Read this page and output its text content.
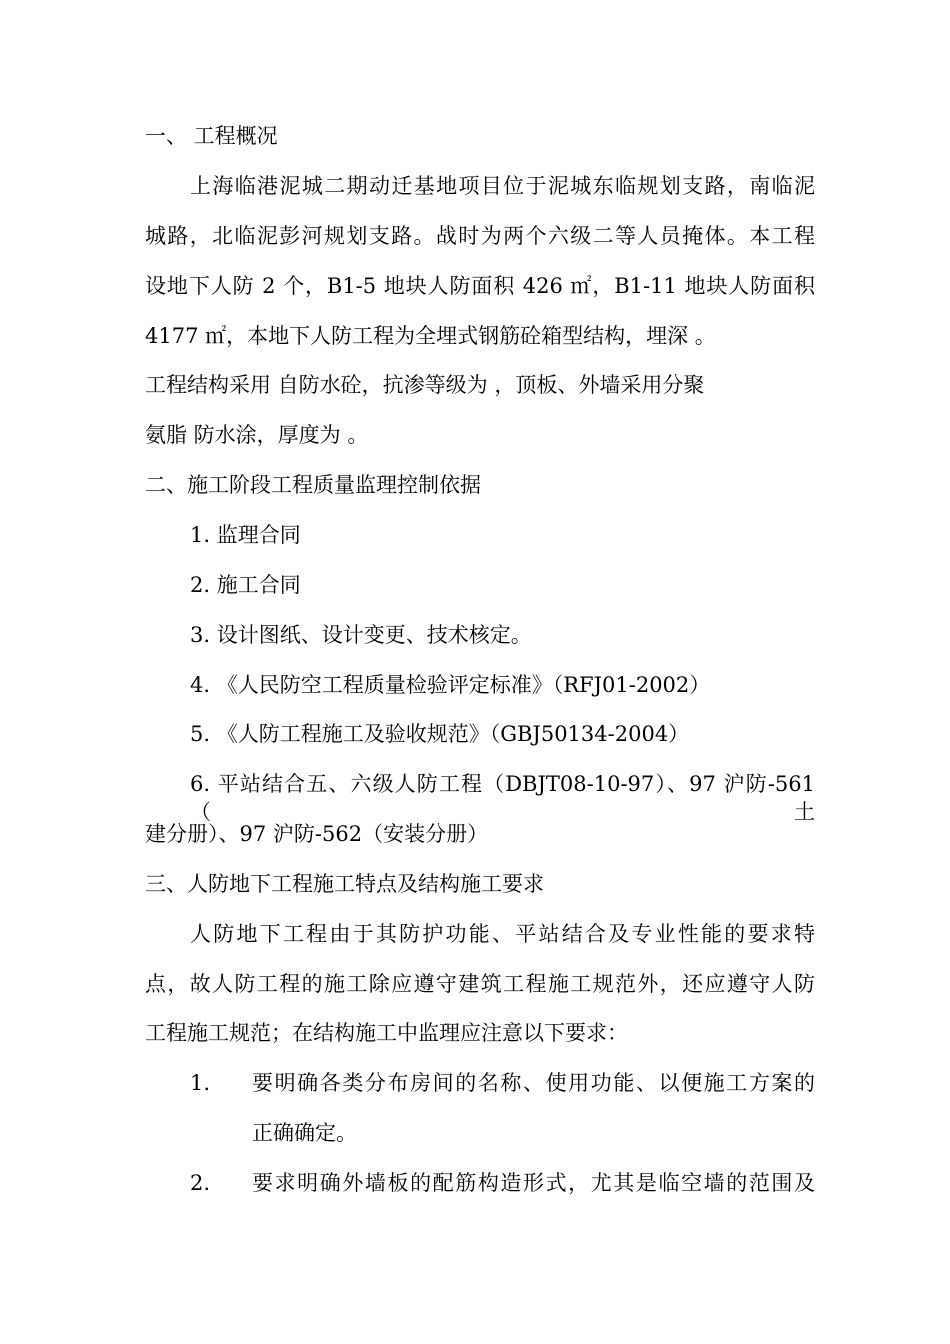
一、 工程概况
上海临港泥城二期动迁基地项目位于泥城东临规划支路，南临泥
城路，北临泥彭河规划支路。战时为两个六级二等人员掩体。本工程
设地下人防 2 个，B1-5 地块人防面积 426 ㎡，B1-11 地块人防面积
4177 ㎡，本地下人防工程为全埋式钢筋砼箱型结构，埋深 。
工程结构采用 自防水砼，抗渗等级为 ，顶板、外墙采用分聚
氨脂 防水涂，厚度为 。
二、施工阶段工程质量监理控制依据
1. 监理合同
2. 施工合同
3. 设计图纸、设计变更、技术核定。
4. 《人民防空工程质量检验评定标准》（RFJ01-2002）
5. 《人防工程施工及验收规范》（GBJ50134-2004）
6. 平站结合五、六级人防工程（DBJT08-10-97）、97 沪防-561（土
建分册）、97 沪防-562（安装分册）
三、人防地下工程施工特点及结构施工要求
人防地下工程由于其防护功能、平站结合及专业性能的要求特
点，故人防工程的施工除应遵守建筑工程施工规范外，还应遵守人防
工程施工规范；在结构施工中监理应注意以下要求：
1. 要明确各类分布房间的名称、使用功能、以便施工方案的
正确确定。
2. 要求明确外墙板的配筋构造形式，尤其是临空墙的范围及
